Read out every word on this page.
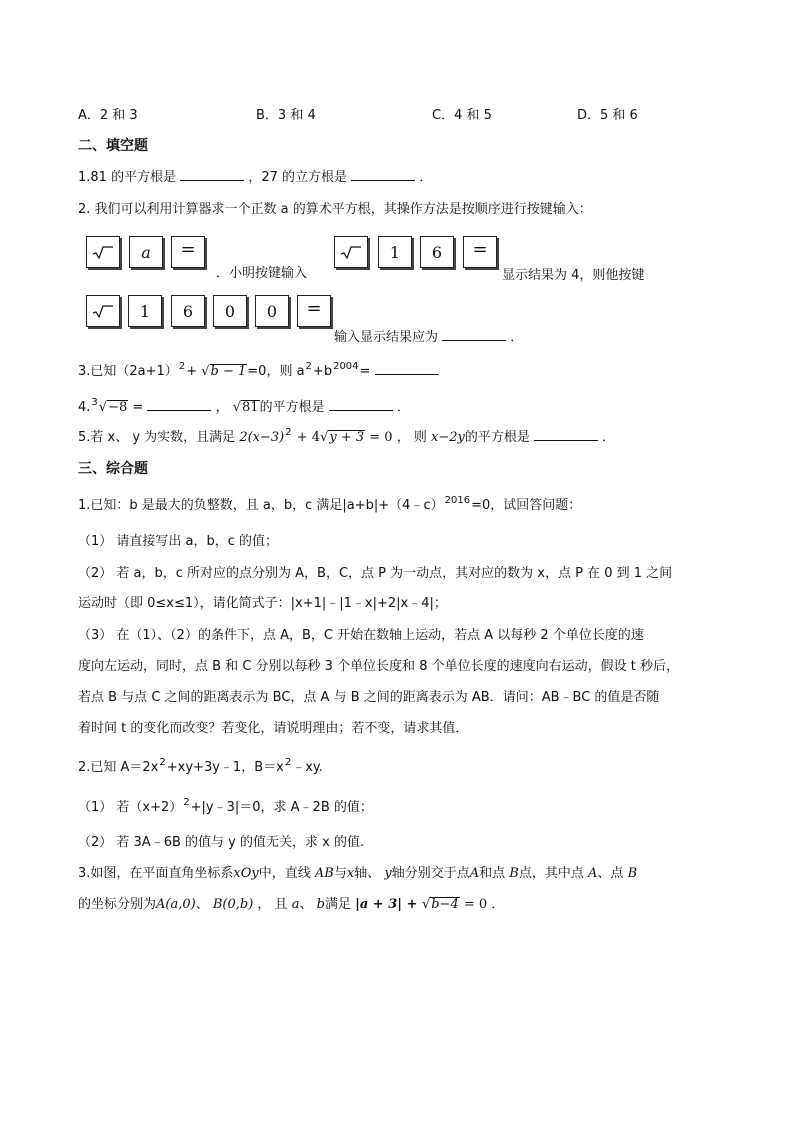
A．2 和 3	B．3 和 4	C．4 和 5	D．5 和 6
二、填空题
1.81 的平方根是	，27 的立方根是	．
2. 我们可以利用计算器求一个正数 a 的算术平方根，其操作方法是按顺序进行按键输入：
a	=
．小明按键输入
1	6	=
显示结果为 4，则他按键
1	6	0	0	=
输入显示结果应为	．
3.已知$(2a+1)^2+ √b - 1=0$，则 $a^2+b^{2004}=$
4.$^3$√−8 =	， √81的平方根是	．
5.若 x、 y 为实数，且满足 $2(x-3)^2 + 4√y + 3 = 0$ ， 则 x−2y的平方根是	．
三、综合题
1.已知：b 是最大的负整数，且 a，b，c 满足|a+b|+（4﹣c）$^{2016}$=0，试回答问题：
（1） 请直接写出 a，b，c 的值；
（2） 若 a，b，c 所对应的点分别为 A，B，C，点 P 为一动点，其对应的数为 x，点 P 在 0 到 1 之间
运动时（即 0≤x≤1），请化简式子：|x+1|﹣|1﹣x|+2|x﹣4|；
（3） 在（1）、（2）的条件下，点 A，B，C 开始在数轴上运动，若点 A 以每秒 2 个单位长度的速
度向左运动，同时，点 B 和 C 分别以每秒 3 个单位长度和 8 个单位长度的速度向右运动，假设 t 秒后，
若点 B 与点 C 之间的距离表示为 BC，点 A 与 B 之间的距离表示为 AB．请问：AB﹣BC 的值是否随
着时间 t 的变化而改变？若变化，请说明理由；若不变，请求其值．
2.已知 $A=2x^2+xy+3y﹣1$，$B=x^2﹣xy$.
（1） 若$(x+2)^2+|y﹣3|=0$，求 A﹣2B 的值；
（2） 若 3A﹣6B 的值与 y 的值无关，求 x 的值.
3.如图，在平面直角坐标系xOy中，直线 AB与x轴、 y轴分别交于点A和点 B点，其中点 A、点 B
的坐标分别为A(a,0)、 B(0,b) ， 且 a、 b满足 |a + 3| + √b−4 = 0 ．
